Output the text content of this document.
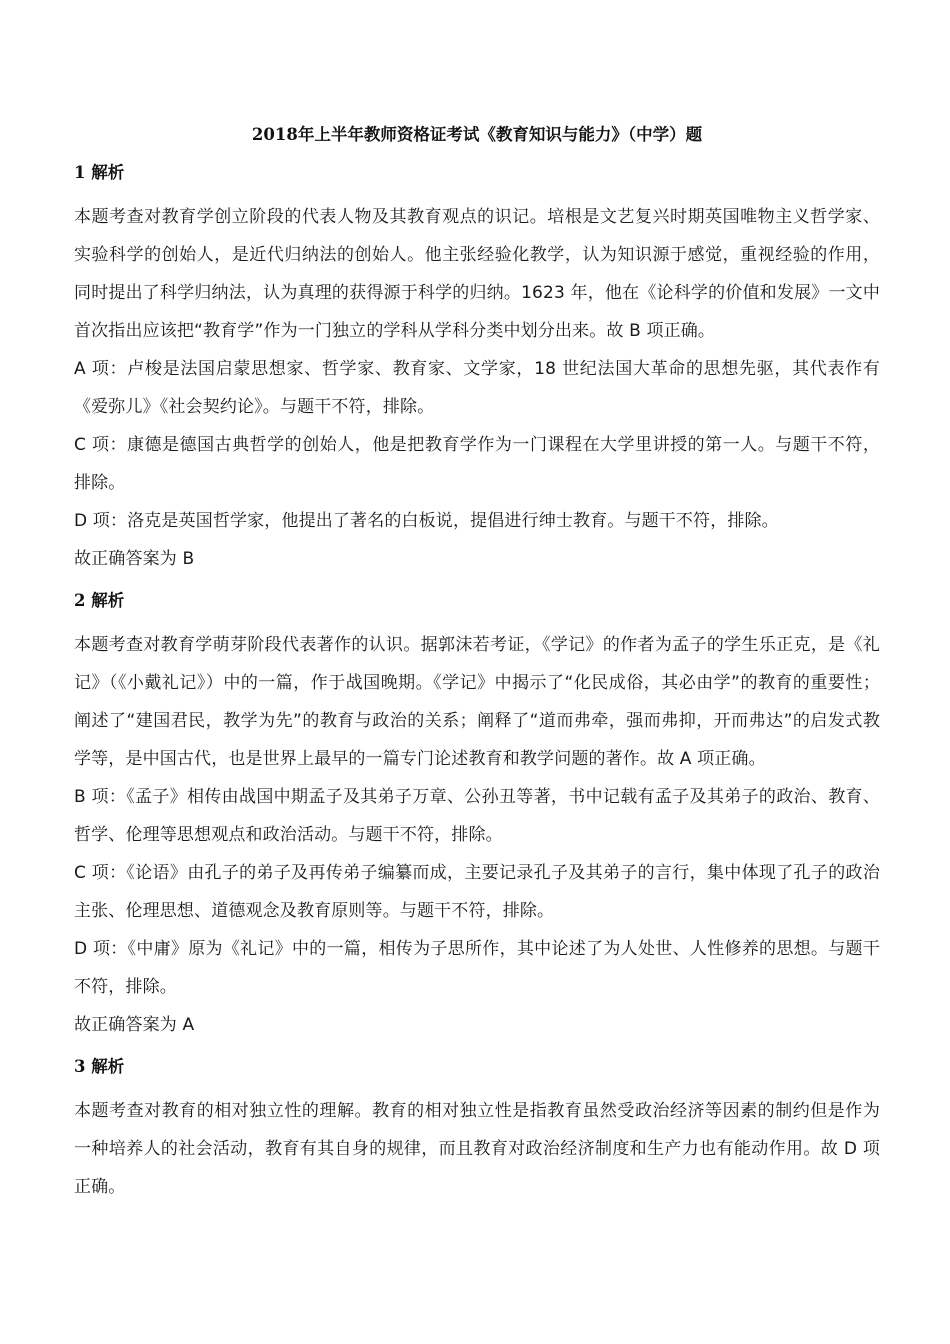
2018年上半年教师资格证考试《教育知识与能力》（中学）题
1 解析

本题考查对教育学创立阶段的代表人物及其教育观点的识记。培根是文艺复兴时期英国唯物主义哲学家、实验科学的创始人，是近代归纳法的创始人。他主张经验化教学，认为知识源于感觉，重视经验的作用，同时提出了科学归纳法，认为真理的获得源于科学的归纳。1623 年，他在《论科学的价值和发展》一文中首次指出应该把“教育学”作为一门独立的学科从学科分类中划分出来。故 B 项正确。

A 项：卢梭是法国启蒙思想家、哲学家、教育家、文学家，18 世纪法国大革命的思想先驱，其代表作有《爱弥儿》《社会契约论》。与题干不符，排除。

C 项：康德是德国古典哲学的创始人，他是把教育学作为一门课程在大学里讲授的第一人。与题干不符，排除。

D 项：洛克是英国哲学家，他提出了著名的白板说，提倡进行绅士教育。与题干不符，排除。

故正确答案为 B

2 解析

本题考查对教育学萌芽阶段代表著作的认识。据郭沫若考证，《学记》的作者为孟子的学生乐正克，是《礼记》（《小戴礼记》）中的一篇，作于战国晚期。《学记》中揭示了“化民成俗，其必由学”的教育的重要性；阐述了“建国君民，教学为先”的教育与政治的关系；阐释了“道而弗牵，强而弗抑，开而弗达”的启发式教学等，是中国古代，也是世界上最早的一篇专门论述教育和教学问题的著作。故 A 项正确。

B 项：《孟子》相传由战国中期孟子及其弟子万章、公孙丑等著，书中记载有孟子及其弟子的政治、教育、哲学、伦理等思想观点和政治活动。与题干不符，排除。

C 项：《论语》由孔子的弟子及再传弟子编纂而成，主要记录孔子及其弟子的言行，集中体现了孔子的政治主张、伦理思想、道德观念及教育原则等。与题干不符，排除。

D 项：《中庸》原为《礼记》中的一篇，相传为子思所作，其中论述了为人处世、人性修养的思想。与题干不符，排除。

故正确答案为 A

3 解析

本题考查对教育的相对独立性的理解。教育的相对独立性是指教育虽然受政治经济等因素的制约但是作为一种培养人的社会活动，教育有其自身的规律，而且教育对政治经济制度和生产力也有能动作用。故 D 项正确。
